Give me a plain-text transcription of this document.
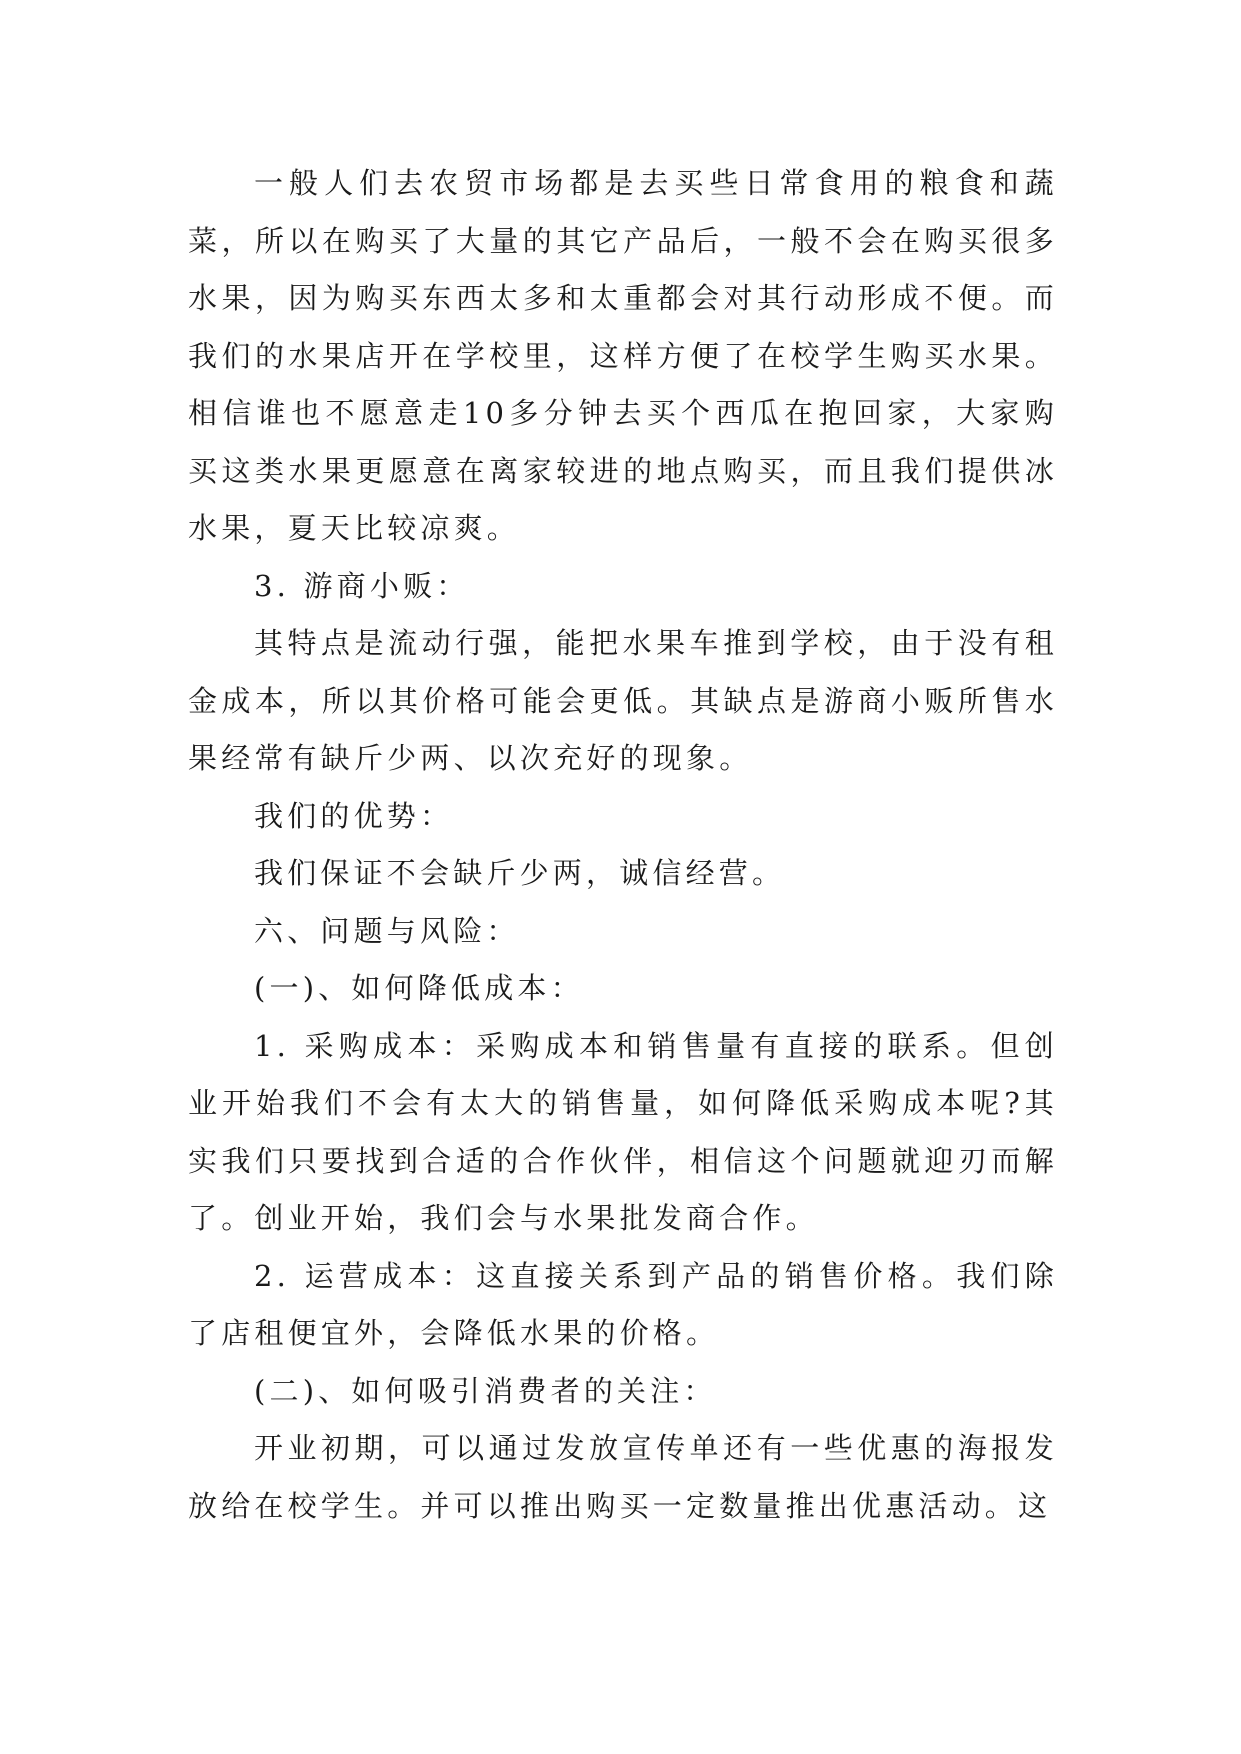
一般人们去农贸市场都是去买些日常食用的粮食和蔬菜，所以在购买了大量的其它产品后，一般不会在购买很多水果，因为购买东西太多和太重都会对其行动形成不便。而我们的水果店开在学校里，这样方便了在校学生购买水果。相信谁也不愿意走10多分钟去买个西瓜在抱回家，大家购买这类水果更愿意在离家较进的地点购买，而且我们提供冰水果，夏天比较凉爽。

3. 游商小贩：

其特点是流动行强，能把水果车推到学校，由于没有租金成本，所以其价格可能会更低。其缺点是游商小贩所售水果经常有缺斤少两、以次充好的现象。

我们的优势：

我们保证不会缺斤少两，诚信经营。

六、问题与风险：

(一)、如何降低成本：

1. 采购成本：采购成本和销售量有直接的联系。但创业开始我们不会有太大的销售量，如何降低采购成本呢?其实我们只要找到合适的合作伙伴，相信这个问题就迎刃而解了。创业开始，我们会与水果批发商合作。

2. 运营成本：这直接关系到产品的销售价格。我们除了店租便宜外，会降低水果的价格。

(二)、如何吸引消费者的关注：

开业初期，可以通过发放宣传单还有一些优惠的海报发放给在校学生。并可以推出购买一定数量推出优惠活动。这
